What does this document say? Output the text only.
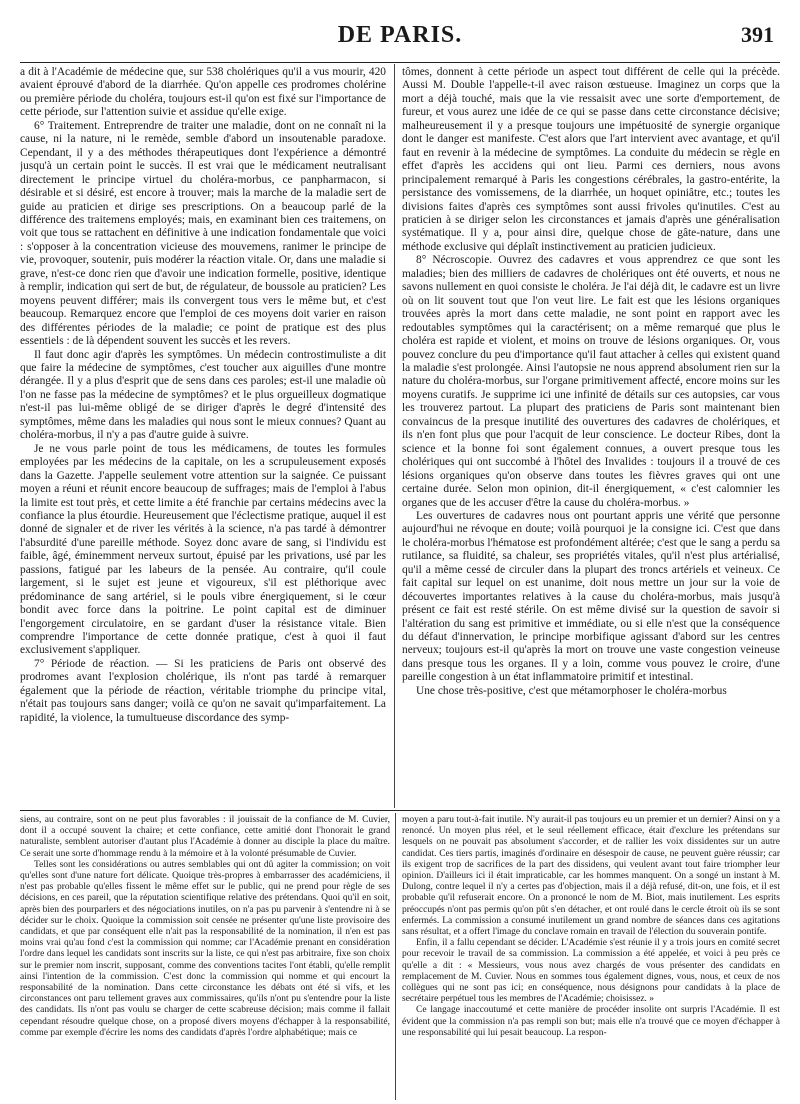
DE PARIS.	391

a dit à l'Académie de médecine que, sur 538 cholériques qu'il a vus mourir, 420 avaient éprouvé d'abord de la diarrhée. Qu'on appelle ces prodromes cholérine ou première période du choléra, toujours est-il qu'on est fixé sur l'importance de cette période, sur l'attention suivie et assidue qu'elle exige.

6° Traitement. Entreprendre de traiter une maladie, dont on ne connaît ni la cause, ni la nature, ni le remède, semble d'abord un insoutenable paradoxe. Cependant, il y a des méthodes thérapeutiques dont l'expérience a démontré jusqu'à un certain point le succès. Il est vrai que le médicament neutralisant directement le principe virtuel du choléra-morbus, ce panpharmacon, si désirable et si désiré, est encore à trouver; mais la marche de la maladie sert de guide au praticien et dirige ses prescriptions. On a beaucoup parlé de la différence des traitemens employés; mais, en examinant bien ces traitemens, on voit que tous se rattachent en définitive à une indication fondamentale que voici : s'opposer à la concentration vicieuse des mouvemens, ranimer le principe de vie, provoquer, soutenir, puis modérer la réaction vitale. Or, dans une maladie si grave, n'est-ce donc rien que d'avoir une indication formelle, positive, identique à remplir, indication qui sert de but, de régulateur, de boussole au praticien? Les moyens peuvent différer; mais ils convergent tous vers le même but, et c'est beaucoup. Remarquez encore que l'emploi de ces moyens doit varier en raison des différentes périodes de la maladie; ce point de pratique est des plus essentiels : de là dépendent souvent les succès et les revers.

Il faut donc agir d'après les symptômes. Un médecin controstimuliste a dit que faire la médecine de symptômes, c'est toucher aux aiguilles d'une montre dérangée. Il y a plus d'esprit que de sens dans ces paroles; est-il une maladie où l'on ne fasse pas la médecine de symptômes? et le plus orgueilleux dogmatique n'est-il pas lui-même obligé de se diriger d'après le degré d'intensité des symptômes, même dans les maladies qui nous sont le mieux connues? Quant au choléra-morbus, il n'y a pas d'autre guide à suivre.

Je ne vous parle point de tous les médicamens, de toutes les formules employées par les médecins de la capitale, on les a scrupuleusement exposés dans la Gazette. J'appelle seulement votre attention sur la saignée. Ce puissant moyen a réuni et réunit encore beaucoup de suffrages; mais de l'emploi à l'abus la limite est tout près, et cette limite a été franchie par certains médecins avec la confiance la plus étourdie. Heureusement que l'éclectisme pratique, auquel il est donné de signaler et de river les vérités à la science, n'a pas tardé à démontrer l'absurdité d'une pareille méthode. Soyez donc avare de sang, si l'individu est faible, âgé, éminemment nerveux surtout, épuisé par les privations, usé par les passions, fatigué par les labeurs de la pensée. Au contraire, qu'il coule largement, si le sujet est jeune et vigoureux, s'il est pléthorique avec prédominance de sang artériel, si le pouls vibre énergiquement, si le cœur bondit avec force dans la poitrine. Le point capital est de diminuer l'engorgement circulatoire, en se gardant d'user la résistance vitale. Bien comprendre l'importance de cette donnée pratique, c'est à quoi il faut exclusivement s'appliquer.

7° Période de réaction. — Si les praticiens de Paris ont observé des prodromes avant l'explosion cholérique, ils n'ont pas tardé à remarquer également que la période de réaction, véritable triomphe du principe vital, n'était pas toujours sans danger; voilà ce qu'on ne savait qu'imparfaitement. La rapidité, la violence, la tumultueuse discordance des symp-

tômes, donnent à cette période un aspect tout différent de celle qui la précède. Aussi M. Double l'appelle-t-il avec raison œstueuse. Imaginez un corps que la mort a déjà touché, mais que la vie ressaisit avec une sorte d'emportement, de fureur, et vous aurez une idée de ce qui se passe dans cette circonstance décisive; malheureusement il y a presque toujours une impétuosité de synergie organique dont le danger est manifeste. C'est alors que l'art intervient avec avantage, et qu'il faut en revenir à la médecine de symptômes. La conduite du médecin se règle en effet d'après les accidens qui ont lieu. Parmi ces derniers, nous avons principalement remarqué à Paris les congestions cérébrales, la gastro-entérite, la persistance des vomissemens, de la diarrhée, un hoquet opiniâtre, etc.; toutes les divisions faites d'après ces symptômes sont aussi frivoles qu'inutiles. C'est au praticien à se diriger selon les circonstances et jamais d'après une généralisation systématique. Il y a, pour ainsi dire, quelque chose de gâte-nature, dans une méthode exclusive qui déplaît instinctivement au praticien judicieux.

8° Nécroscopie. Ouvrez des cadavres et vous apprendrez ce que sont les maladies; bien des milliers de cadavres de cholériques ont été ouverts, et nous ne savons nullement en quoi consiste le choléra. Je l'ai déjà dit, le cadavre est un livre où on lit souvent tout que l'on veut lire. Le fait est que les lésions organiques trouvées après la mort dans cette maladie, ne sont point en rapport avec les redoutables symptômes qui la caractérisent; on a même remarqué que plus le choléra est rapide et violent, et moins on trouve de lésions organiques. Or, vous pouvez conclure du peu d'importance qu'il faut attacher à celles qui existent quand la maladie s'est prolongée. Ainsi l'autopsie ne nous apprend absolument rien sur la nature du choléra-morbus, sur l'organe primitivement affecté, encore moins sur les moyens curatifs. Je supprime ici une infinité de détails sur ces autopsies, car vous les trouverez partout. La plupart des praticiens de Paris sont maintenant bien convaincus de la presque inutilité des ouvertures des cadavres de cholériques, et ils n'en font plus que pour l'acquit de leur conscience. Le docteur Ribes, dont la science et la bonne foi sont également connues, a ouvert presque tous les cholériques qui ont succombé à l'hôtel des Invalides : toujours il a trouvé de ces lésions organiques qu'on observe dans toutes les fièvres graves qui ont une certaine durée. Selon mon opinion, dit-il énergiquement, « c'est calomnier les organes que de les accuser d'être la cause du choléra-morbus. »

Les ouvertures de cadavres nous ont pourtant appris une vérité que personne aujourd'hui ne révoque en doute; voilà pourquoi je la consigne ici. C'est que dans le choléra-morbus l'hématose est profondément altérée; c'est que le sang a perdu sa rutilance, sa fluidité, sa chaleur, ses propriétés vitales, qu'il n'est plus artérialisé, qu'il a même cessé de circuler dans la plupart des troncs artériels et veineux. Ce fait capital sur lequel on est unanime, doit nous mettre un jour sur la voie de découvertes importantes relatives à la cause du choléra-morbus, mais jusqu'à présent ce fait est resté stérile. On est même divisé sur la question de savoir si l'altération du sang est primitive et immédiate, ou si elle n'est que la conséquence du défaut d'innervation, le principe morbifique agissant d'abord sur les centres nerveux; toujours est-il qu'après la mort on trouve une vaste congestion veineuse dans presque tous les organes. Il y a loin, comme vous pouvez le croire, d'une pareille congestion à un état inflammatoire primitif et intestinal.

Une chose très-positive, c'est que métamorphoser le choléra-morbus

siens, au contraire, sont on ne peut plus favorables : il jouissait de la confiance de M. Cuvier, dont il a occupé souvent la chaire; et cette confiance, cette amitié dont l'honorait le grand naturaliste, semblent autoriser d'autant plus l'Académie à donner au disciple la place du maître. Ce serait une sorte d'hommage rendu à la mémoire et à la volonté présumable de Cuvier.

Telles sont les considérations ou autres semblables qui ont dû agiter la commission; on voit qu'elles sont d'une nature fort délicate. Quoique très-propres à embarrasser des académiciens, il n'est pas probable qu'elles fissent le même effet sur le public, qui ne prend pour règle de ses décisions, en ces pareil, que la réputation scientifique relative des prétendans. Quoi qu'il en soit, après bien des pourparlers et des négociations inutiles, on n'a pas pu parvenir à s'entendre ni à se décider sur le choix. Quoique la commission soit censée ne présenter qu'une liste provisoire des candidats, et que par conséquent elle n'ait pas la responsabilité de la nomination, il n'en est pas moins vrai qu'au fond c'est la commission qui nomme; car l'Académie prenant en considération l'ordre dans lequel les candidats sont inscrits sur la liste, ce qui n'est pas arbitraire, fixe son choix sur le premier nom inscrit, supposant, comme des conventions tacites l'ont établi, qu'elle remplit ainsi l'intention de la commission. C'est donc la commission qui nomme et qui encourt la responsabilité de la nomination. Dans cette circonstance les débats ont été si vifs, et les circonstances ont paru tellement graves aux commissaires, qu'ils n'ont pu s'entendre pour la liste des candidats. Ils n'ont pas voulu se charger de cette scabreuse décision; mais comme il fallait cependant résoudre quelque chose, on a proposé divers moyens d'échapper à la responsabilité, comme par exemple d'écrire les noms des candidats d'après l'ordre alphabétique; mais ce

moyen a paru tout-à-fait inutile. N'y aurait-il pas toujours eu un premier et un dernier? Ainsi on y a renoncé. Un moyen plus réel, et le seul réellement efficace, était d'exclure les prétendans sur lesquels on ne pouvait pas absolument s'accorder, et de rallier les voix dissidentes sur un autre candidat. Ces tiers partis, imaginés d'ordinaire en désespoir de cause, ne peuvent guère réussir; car ils exigent trop de sacrifices de la part des dissidens, qui veulent avant tout faire triompher leur opinion. D'ailleurs ici il était impraticable, car les hommes manquent. On a songé un instant à M. Dulong, contre lequel il n'y a certes pas d'objection, mais il a déjà refusé, dit-on, une fois, et il est probable qu'il refuserait encore. On a prononcé le nom de M. Biot, mais inutilement. Les esprits préoccupés n'ont pas permis qu'on pût s'en détacher, et ont roulé dans le cercle étroit où ils se sont enfermés. La commission a consumé inutilement un grand nombre de séances dans ces agitations sans résultat, et a offert l'image du conclave romain en travail de l'élection du souverain pontife.

Enfin, il a fallu cependant se décider. L'Académie s'est réunie il y a trois jours en comité secret pour recevoir le travail de sa commission. La commission a été appelée, et voici à peu près ce qu'elle a dit : « Messieurs, vous nous avez chargés de vous présenter des candidats en remplacement de M. Cuvier. Nous en sommes tous également dignes, vous, nous, et ceux de nos collègues qui ne sont pas ici; en conséquence, nous désignons pour candidats à la place de secrétaire perpétuel tous les membres de l'Académie; choisissez. »

Ce langage inaccoutumé et cette manière de procéder insolite ont surpris l'Académie. Il est évident que la commission n'a pas rempli son but; mais elle n'a trouvé que ce moyen d'échapper à une responsabilité qui lui pesait beaucoup. La respon-
